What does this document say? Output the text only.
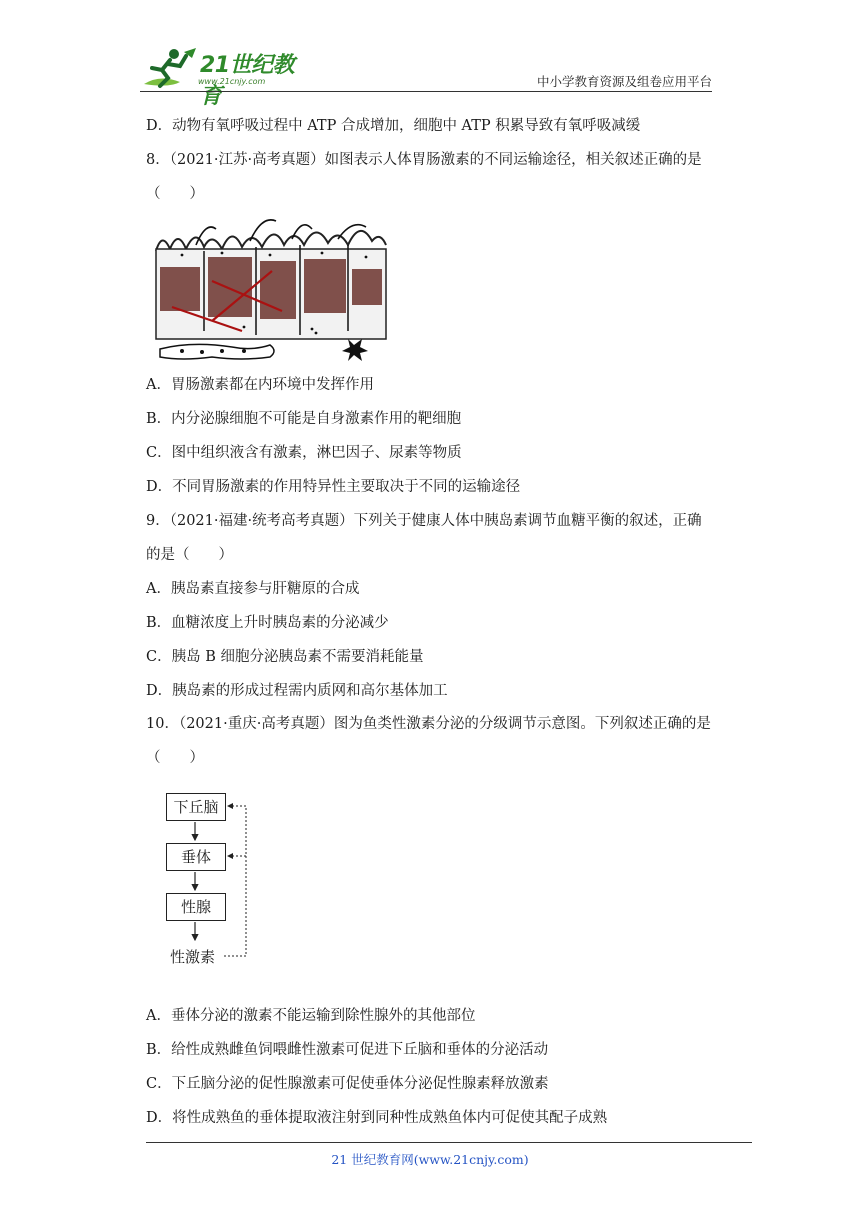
21世纪教育
www.21cnjy.com	中小学教育资源及组卷应用平台
D．动物有氧呼吸过程中 ATP 合成增加，细胞中 ATP 积累导致有氧呼吸减缓
8．（2021·江苏·高考真题）如图表示人体胃肠激素的不同运输途径，相关叙述正确的是
（　　）
A．胃肠激素都在内环境中发挥作用
B．内分泌腺细胞不可能是自身激素作用的靶细胞
C．图中组织液含有激素，淋巴因子、尿素等物质
D．不同胃肠激素的作用特异性主要取决于不同的运输途径
9．（2021·福建·统考高考真题）下列关于健康人体中胰岛素调节血糖平衡的叙述，正确
的是（　　）
A．胰岛素直接参与肝糖原的合成
B．血糖浓度上升时胰岛素的分泌减少
C．胰岛 B 细胞分泌胰岛素不需要消耗能量
D．胰岛素的形成过程需内质网和高尔基体加工
10．（2021·重庆·高考真题）图为鱼类性激素分泌的分级调节示意图。下列叙述正确的是
（　　）
下丘脑
垂体
性腺
性激素
A．垂体分泌的激素不能运输到除性腺外的其他部位
B．给性成熟雌鱼饲喂雌性激素可促进下丘脑和垂体的分泌活动
C．下丘脑分泌的促性腺激素可促使垂体分泌促性腺素释放激素
D．将性成熟鱼的垂体提取液注射到同种性成熟鱼体内可促使其配子成熟
21 世纪教育网(www.21cnjy.com)
